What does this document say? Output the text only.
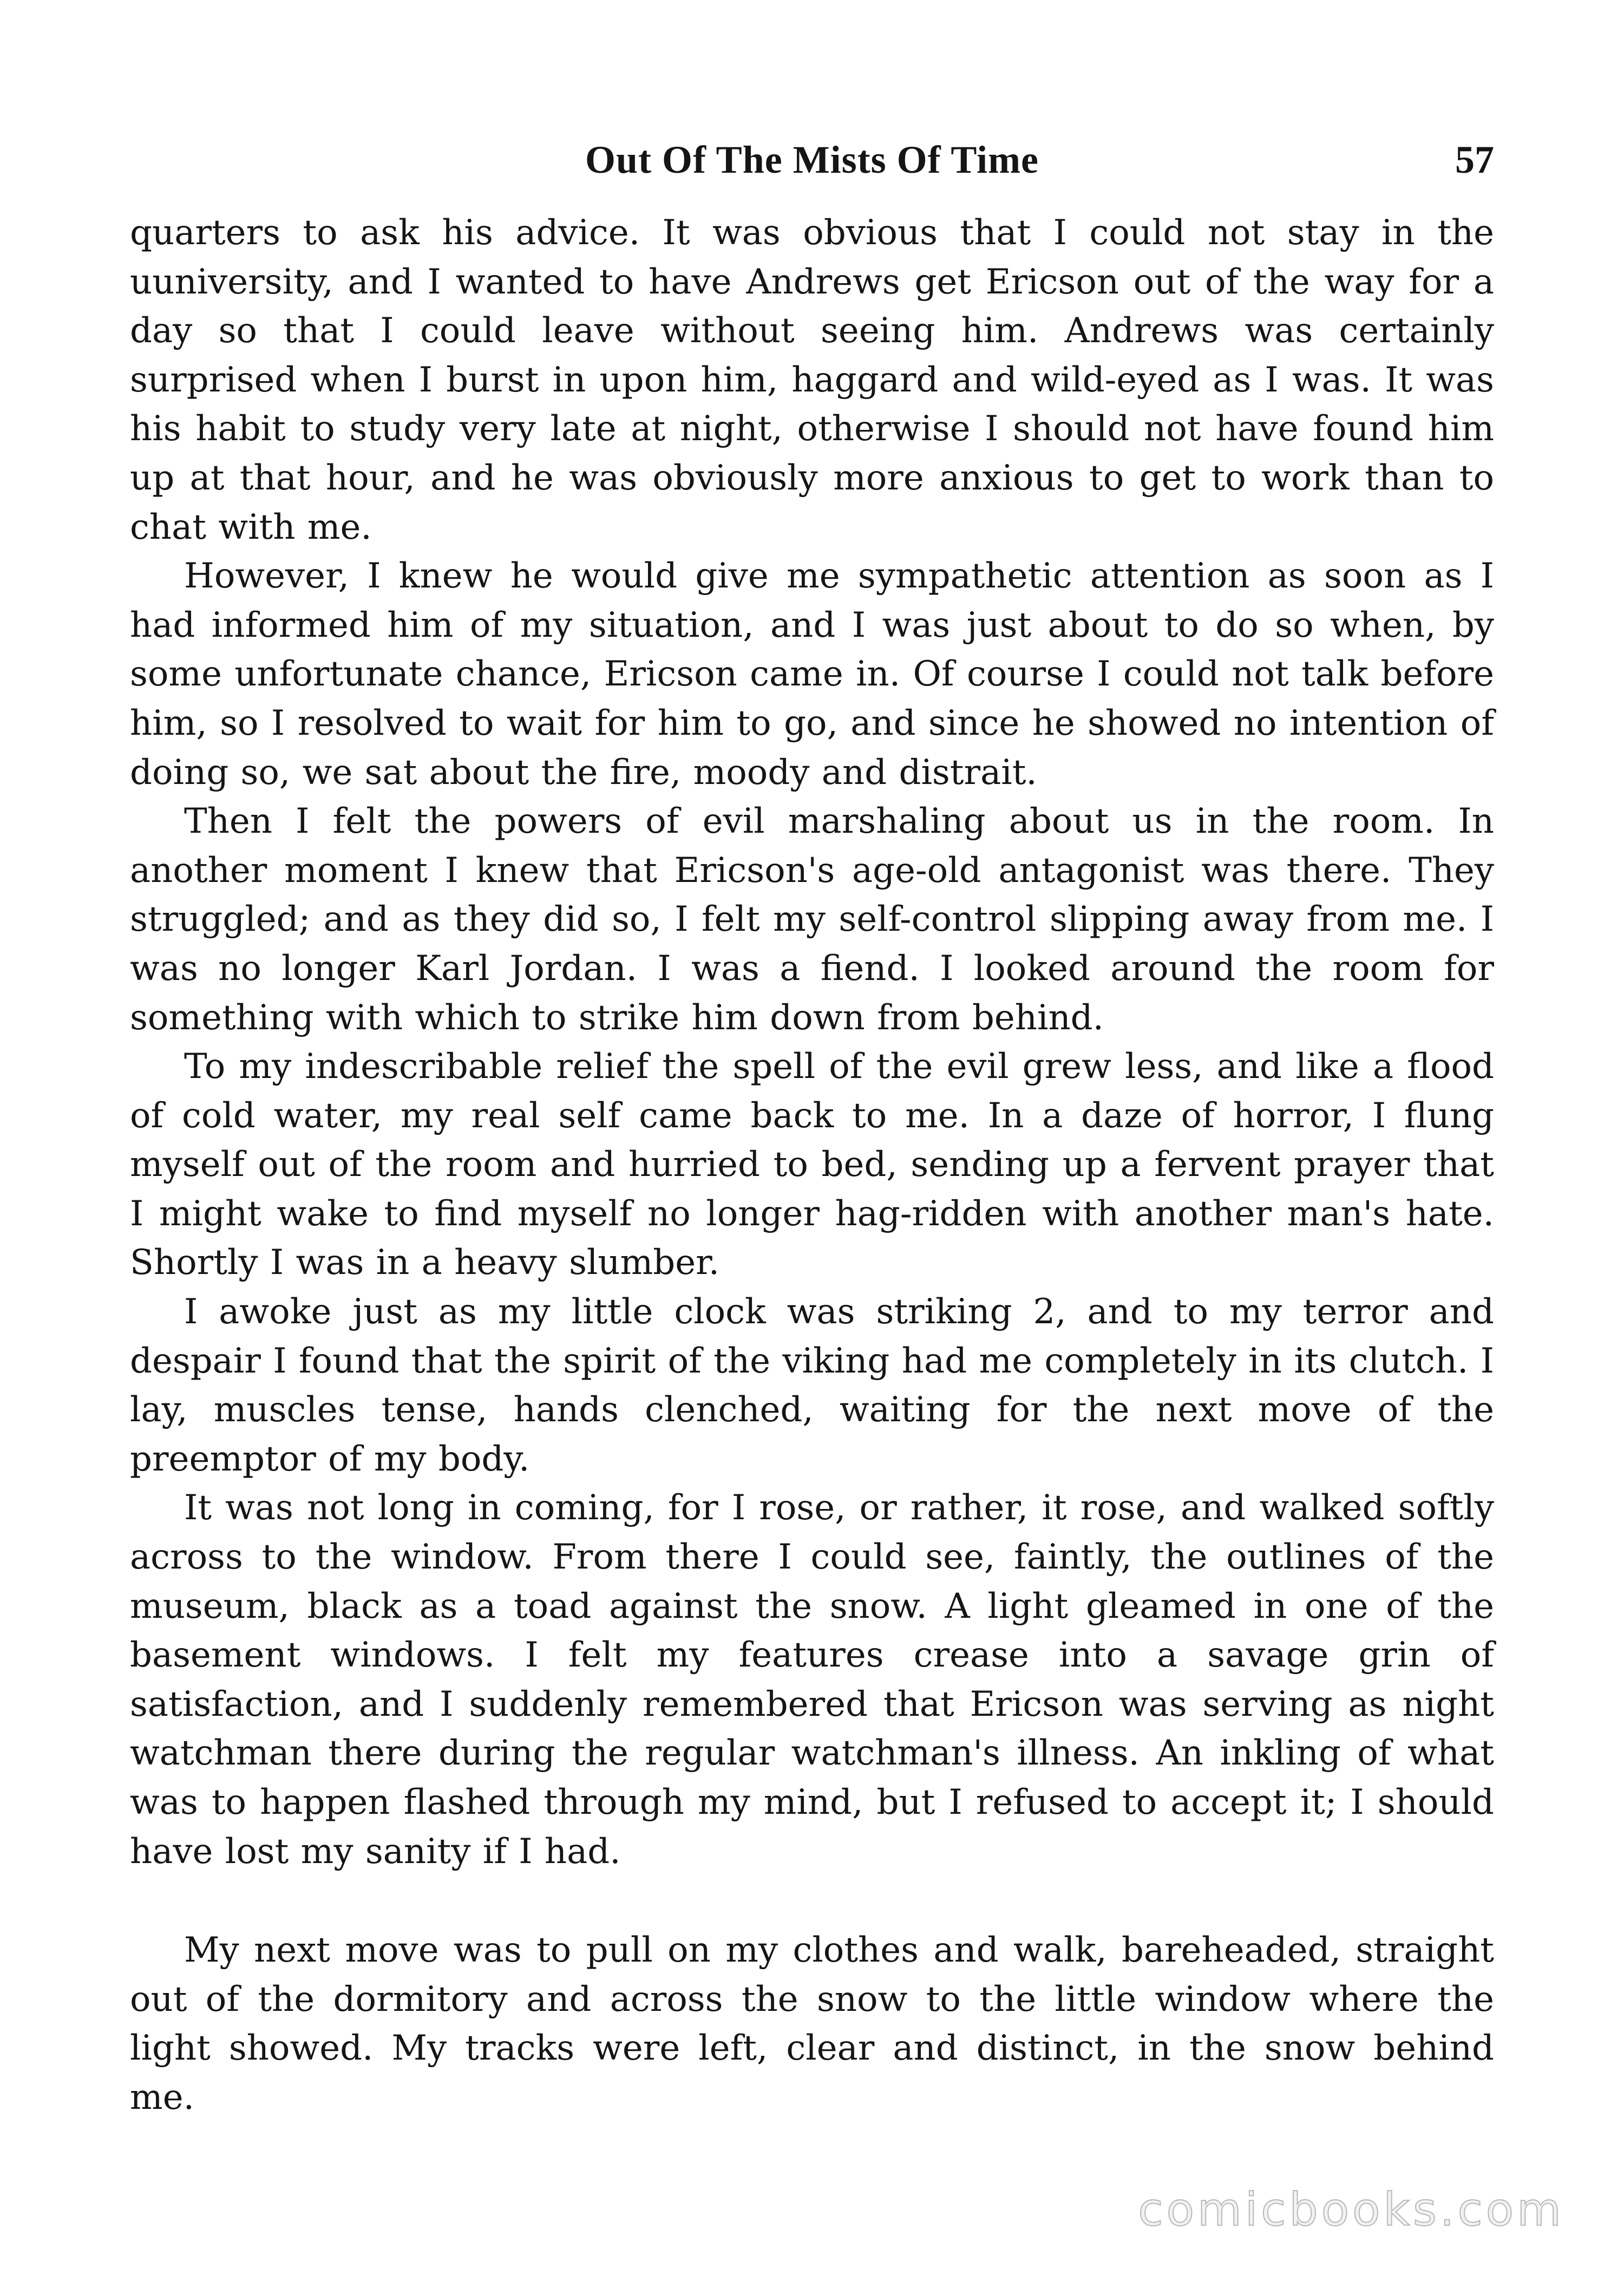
Out Of The Mists Of Time	57

quarters to ask his advice. It was obvious that I could not stay in the uuniversity, and I wanted to have Andrews get Ericson out of the way for a day so that I could leave without seeing him. Andrews was certainly surprised when I burst in upon him, haggard and wild-eyed as I was. It was his habit to study very late at night, otherwise I should not have found him up at that hour, and he was obviously more anxious to get to work than to chat with me.

However, I knew he would give me sympathetic attention as soon as I had informed him of my situation, and I was just about to do so when, by some unfortunate chance, Ericson came in. Of course I could not talk before him, so I resolved to wait for him to go, and since he showed no intention of doing so, we sat about the fire, moody and distrait.

Then I felt the powers of evil marshaling about us in the room. In another moment I knew that Ericson's age-old antagonist was there. They struggled; and as they did so, I felt my self-control slipping away from me. I was no longer Karl Jordan. I was a fiend. I looked around the room for something with which to strike him down from behind.

To my indescribable relief the spell of the evil grew less, and like a flood of cold water, my real self came back to me. In a daze of horror, I flung myself out of the room and hurried to bed, sending up a fervent prayer that I might wake to find myself no longer hag-ridden with another man's hate. Shortly I was in a heavy slumber.

I awoke just as my little clock was striking 2, and to my terror and despair I found that the spirit of the viking had me completely in its clutch. I lay, muscles tense, hands clenched, waiting for the next move of the preemptor of my body.

It was not long in coming, for I rose, or rather, it rose, and walked softly across to the window. From there I could see, faintly, the outlines of the museum, black as a toad against the snow. A light gleamed in one of the basement windows. I felt my features crease into a savage grin of satisfaction, and I suddenly remembered that Ericson was serving as night watchman there during the regular watchman's illness. An inkling of what was to happen flashed through my mind, but I refused to accept it; I should have lost my sanity if I had.

My next move was to pull on my clothes and walk, bareheaded, straight out of the dormitory and across the snow to the little window where the light showed. My tracks were left, clear and distinct, in the snow behind me.

comicbooks.com
